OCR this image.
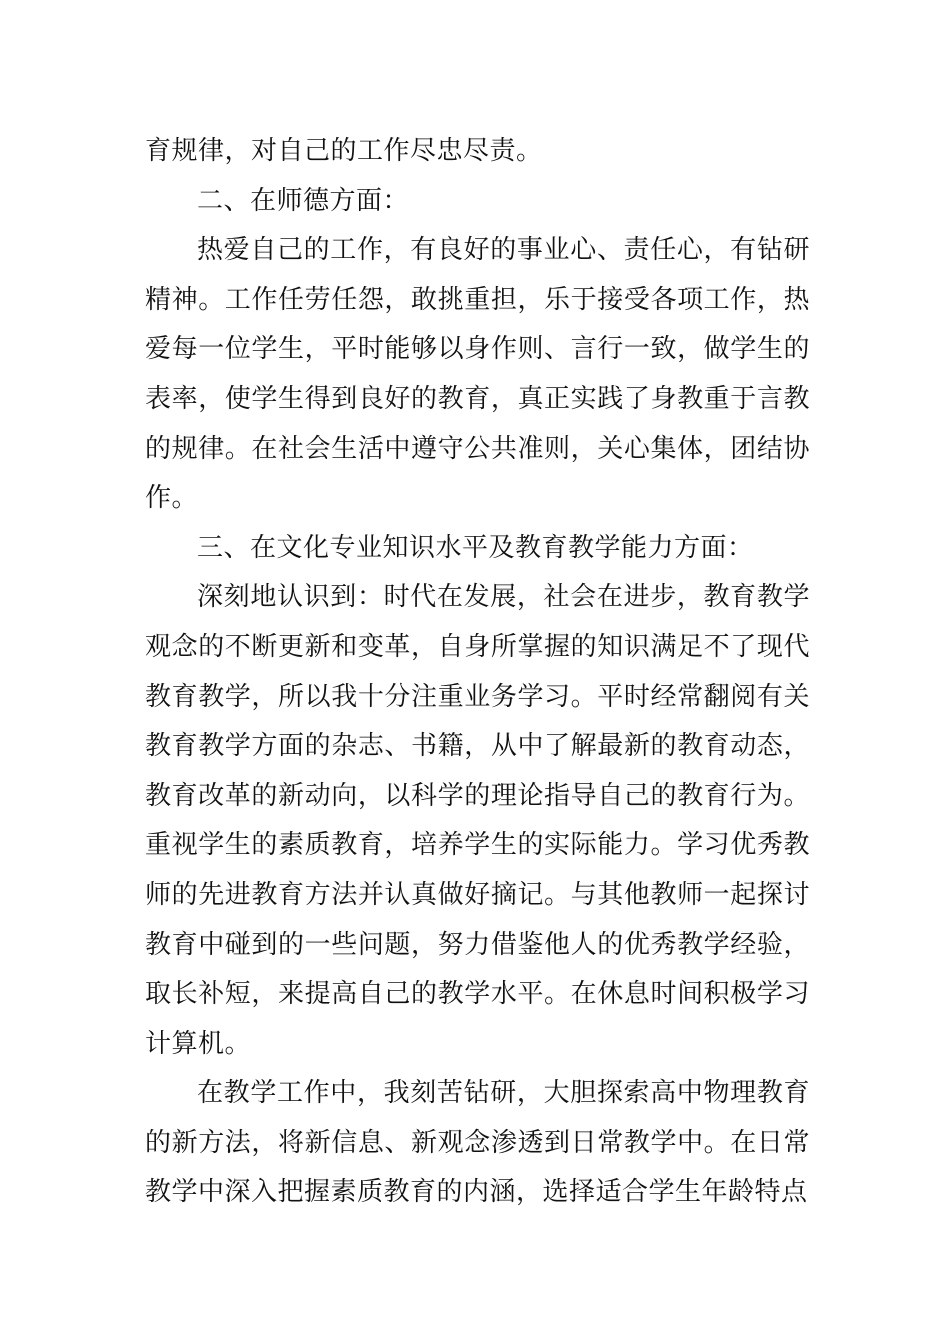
育规律，对自己的工作尽忠尽责。

二、在师德方面：

热爱自己的工作，有良好的事业心、责任心，有钻研精神。工作任劳任怨，敢挑重担，乐于接受各项工作，热爱每一位学生，平时能够以身作则、言行一致，做学生的表率，使学生得到良好的教育，真正实践了身教重于言教的规律。在社会生活中遵守公共准则，关心集体，团结协作。

三、在文化专业知识水平及教育教学能力方面：

深刻地认识到：时代在发展，社会在进步，教育教学观念的不断更新和变革，自身所掌握的知识满足不了现代教育教学，所以我十分注重业务学习。平时经常翻阅有关教育教学方面的杂志、书籍，从中了解最新的教育动态，教育改革的新动向，以科学的理论指导自己的教育行为。重视学生的素质教育，培养学生的实际能力。学习优秀教师的先进教育方法并认真做好摘记。与其他教师一起探讨教育中碰到的一些问题，努力借鉴他人的优秀教学经验，取长补短，来提高自己的教学水平。在休息时间积极学习计算机。

在教学工作中，我刻苦钻研，大胆探索高中物理教育的新方法，将新信息、新观念渗透到日常教学中。在日常教学中深入把握素质教育的内涵，选择适合学生年龄特点
